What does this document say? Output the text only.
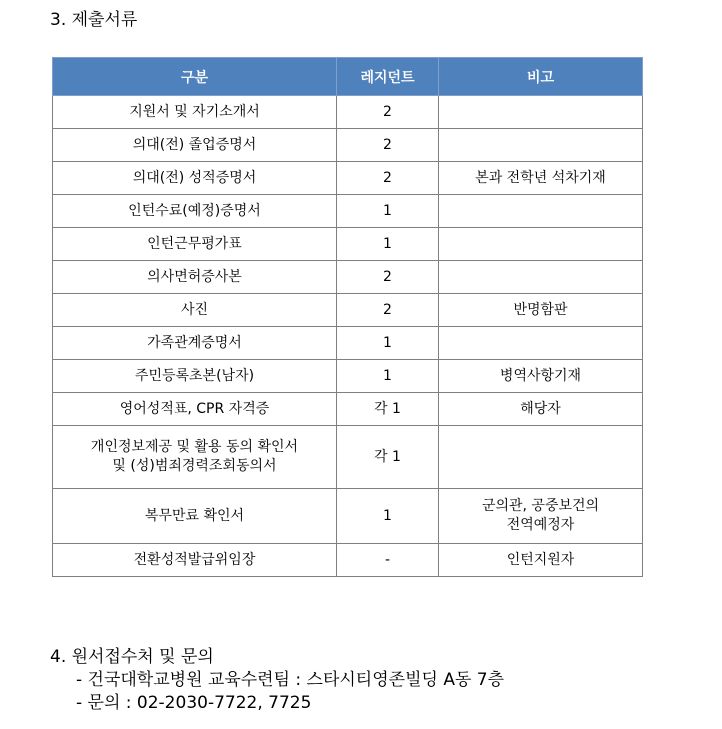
3. 제출서류
구분	레지던트	비고

지원서 및 자기소개서	2	

의대(전) 졸업증명서	2	

의대(전) 성적증명서	2	본과 전학년 석차기재

인턴수료(예정)증명서	1	

인턴근무평가표	1	

의사면허증사본	2	

사진	2	반명함판

가족관계증명서	1	

주민등록초본(남자)	1	병역사항기재

영어성적표, CPR 자격증	각 1	해당자

개인정보제공 및 활용 동의 확인서
및 (성)범죄경력조회동의서	각 1	

복무만료 확인서	1	군의관, 공중보건의
전역예정자

전환성적발급위임장	-	인턴지원자
4. 원서접수처 및 문의
- 건국대학교병원 교육수련팀 : 스타시티영존빌딩 A동 7층
- 문의 : 02-2030-7722, 7725
